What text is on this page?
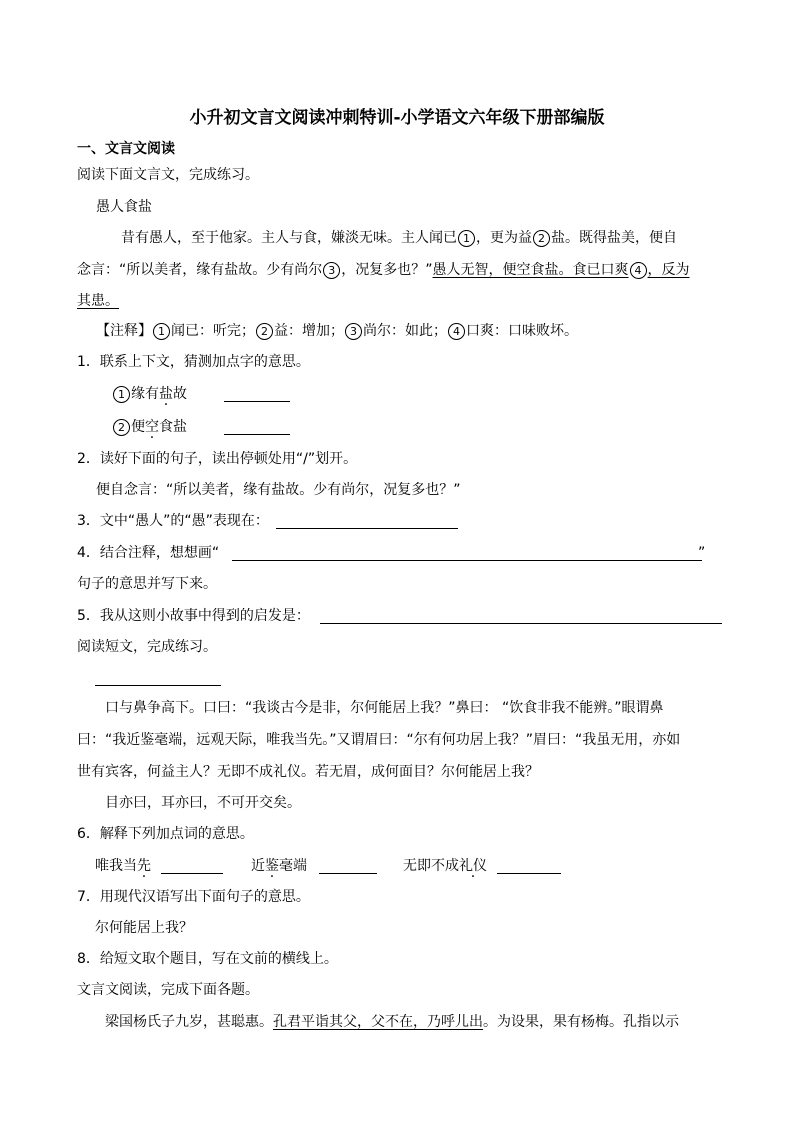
小升初文言文阅读冲刺特训-小学语文六年级下册部编版
一、文言文阅读
阅读下面文言文，完成练习。
愚人食盐
昔有愚人，至于他家。主人与食，嫌淡无味。主人闻已 1 ，更为益 2 盐。既得盐美，便自
念言：“所以美者，缘有盐故。少有尚尔 3 ，况复多也？”愚人无智，便空食盐。食已口爽 4 ，反为
其患。
【注释】 1 闻已：听完； 2 益：增加； 3 尚尔：如此； 4 口爽：口味败坏。
1．联系上下文，猜测加点字的意思。
1 缘有盐故
2 便空食盐
2．读好下面的句子，读出停顿处用“/”划开。
便自念言：“所以美者，缘有盐故。少有尚尔，况复多也？”
3．文中“愚人”的“愚”表现在：
4．结合注释，想想画“	”
句子的意思并写下来。
5．我从这则小故事中得到的启发是：
阅读短文，完成练习。
口与鼻争高下。口曰：“我谈古今是非，尔何能居上我？”鼻曰： “饮食非我不能辨。”眼谓鼻
曰：“我近鉴毫端，远观天际，唯我当先。”又谓眉曰：“尔有何功居上我？”眉曰：“我虽无用，亦如
世有宾客，何益主人？无即不成礼仪。若无眉，成何面目？尔何能居上我？
目亦曰，耳亦曰，不可开交矣。
6．解释下列加点词的意思。
唯我当先	近鉴毫端	无即不成礼仪
7．用现代汉语写出下面句子的意思。
尔何能居上我？
8．给短文取个题目，写在文前的横线上。
文言文阅读，完成下面各题。
梁国杨氏子九岁，甚聪惠。孔君平诣其父，父不在，乃呼儿出。为设果，果有杨梅。孔指以示
